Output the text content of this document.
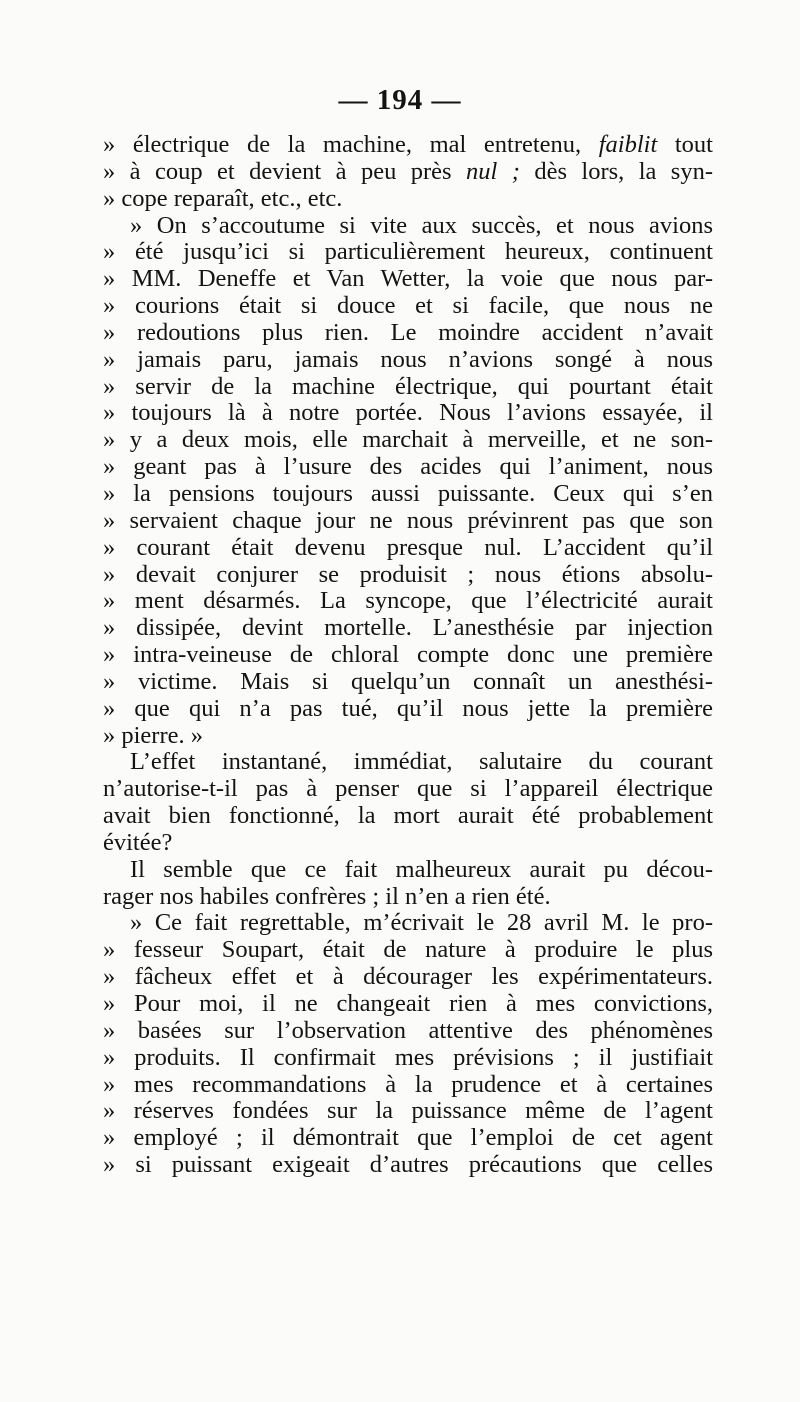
— 194 —
» électrique de la machine, mal entretenu, faiblit tout
» à coup et devient à peu près nul ; dès lors, la syn-
» cope reparaît, etc., etc.
» On s’accoutume si vite aux succès, et nous avions
» été jusqu’ici si particulièrement heureux, continuent
» MM. Deneffe et Van Wetter, la voie que nous par-
» courions était si douce et si facile, que nous ne
» redoutions plus rien. Le moindre accident n’avait
» jamais paru, jamais nous n’avions songé à nous
» servir de la machine électrique, qui pourtant était
» toujours là à notre portée. Nous l’avions essayée, il
» y a deux mois, elle marchait à merveille, et ne son-
» geant pas à l’usure des acides qui l’animent, nous
» la pensions toujours aussi puissante. Ceux qui s’en
» servaient chaque jour ne nous prévinrent pas que son
» courant était devenu presque nul. L’accident qu’il
» devait conjurer se produisit ; nous étions absolu-
» ment désarmés. La syncope, que l’électricité aurait
» dissipée, devint mortelle. L’anesthésie par injection
» intra-veineuse de chloral compte donc une première
» victime. Mais si quelqu’un connaît un anesthési-
» que qui n’a pas tué, qu’il nous jette la première
» pierre. »
L’effet instantané, immédiat, salutaire du courant
n’autorise-t-il pas à penser que si l’appareil électrique
avait bien fonctionné, la mort aurait été probablement
évitée?
Il semble que ce fait malheureux aurait pu décou-
rager nos habiles confrères ; il n’en a rien été.
» Ce fait regrettable, m’écrivait le 28 avril M. le pro-
» fesseur Soupart, était de nature à produire le plus
» fâcheux effet et à décourager les expérimentateurs.
» Pour moi, il ne changeait rien à mes convictions,
» basées sur l’observation attentive des phénomènes
» produits. Il confirmait mes prévisions ; il justifiait
» mes recommandations à la prudence et à certaines
» réserves fondées sur la puissance même de l’agent
» employé ; il démontrait que l’emploi de cet agent
» si puissant exigeait d’autres précautions que celles
